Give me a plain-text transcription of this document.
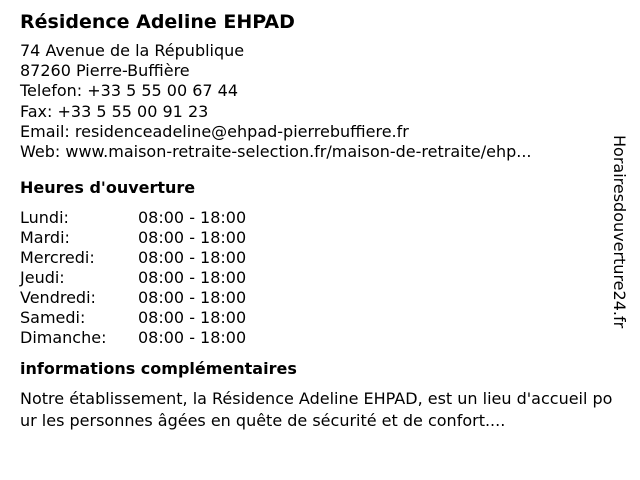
Résidence Adeline EHPAD
74 Avenue de la République
87260 Pierre-Buffière
Telefon: +33 5 55 00 67 44
Fax: +33 5 55 00 91 23
Email: residenceadeline@ehpad-pierrebuffiere.fr
Web: www.maison-retraite-selection.fr/maison-de-retraite/ehp...
Heures d'ouverture
Lundi:	08:00 - 18:00
Mardi:	08:00 - 18:00
Mercredi:	08:00 - 18:00
Jeudi:	08:00 - 18:00
Vendredi:	08:00 - 18:00
Samedi:	08:00 - 18:00
Dimanche:	08:00 - 18:00
informations complémentaires
Notre établissement, la Résidence Adeline EHPAD, est un lieu d'accueil pour les personnes âgées en quête de sécurité et de confort....
Horairesdouverture24.fr
